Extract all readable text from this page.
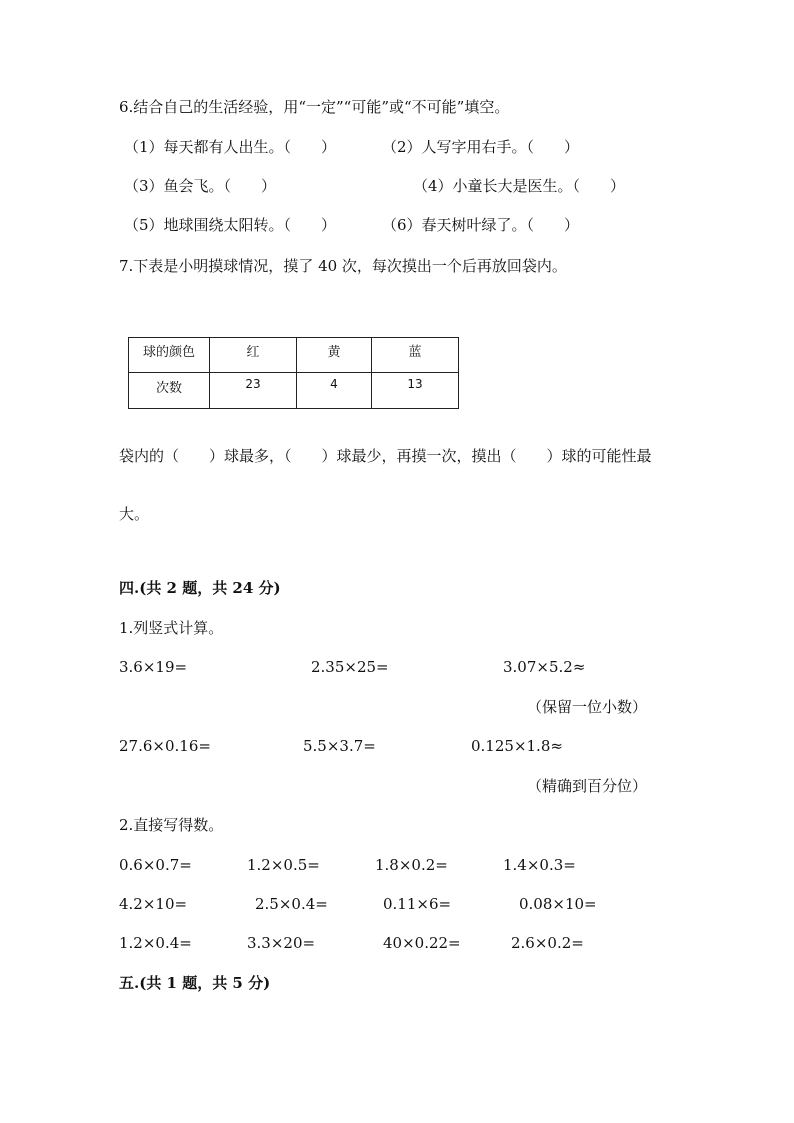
6.结合自己的生活经验，用“一定”“可能”或“不可能”填空。
（1）每天都有人出生。（　　）	（2）人写字用右手。（　　）
（3）鱼会飞。（　　）	（4）小童长大是医生。（　　）
（5）地球围绕太阳转。（　　）	（6）春天树叶绿了。（　　）
7.下表是小明摸球情况，摸了 40 次，每次摸出一个后再放回袋内。
球的颜色	红	黄	蓝
次数	23	4	13
袋内的（　　）球最多，（　　）球最少，再摸一次，摸出（　　）球的可能性最
大。
四.(共 2 题，共 24 分)
1.列竖式计算。
3.6×19=	2.35×25=	3.07×5.2≈
（保留一位小数）
27.6×0.16=	5.5×3.7=	0.125×1.8≈
（精确到百分位）
2.直接写得数。
0.6×0.7=	1.2×0.5=	1.8×0.2=	1.4×0.3=
4.2×10=	2.5×0.4=	0.11×6=	0.08×10=
1.2×0.4=	3.3×20=	40×0.22=	2.6×0.2=
五.(共 1 题，共 5 分)
